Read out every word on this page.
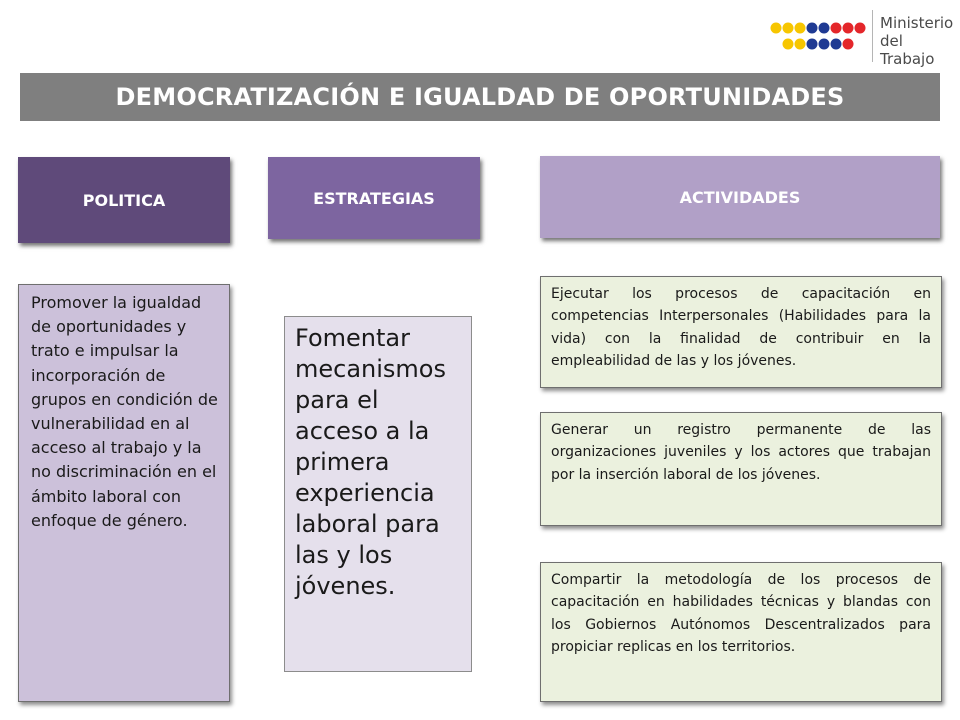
Ministerio
del Trabajo
DEMOCRATIZACIÓN E IGUALDAD DE OPORTUNIDADES
POLITICA	ESTRATEGIAS	ACTIVIDADES
Promover la igualdad de oportunidades y trato e impulsar la incorporación de grupos en condición de vulnerabilidad en al acceso al trabajo y la no discriminación en el ámbito laboral con enfoque de género.
Fomentar mecanismos para el acceso a la primera experiencia laboral para las y los jóvenes.
Ejecutar los procesos de capacitación en competencias Interpersonales (Habilidades para la vida) con la finalidad de contribuir en la empleabilidad de las y los jóvenes.
Generar un registro permanente de las organizaciones juveniles y los actores que trabajan por la inserción laboral de los jóvenes.
Compartir la metodología de los procesos de capacitación en habilidades técnicas y blandas con los Gobiernos Autónomos Descentralizados para propiciar replicas en los territorios.
